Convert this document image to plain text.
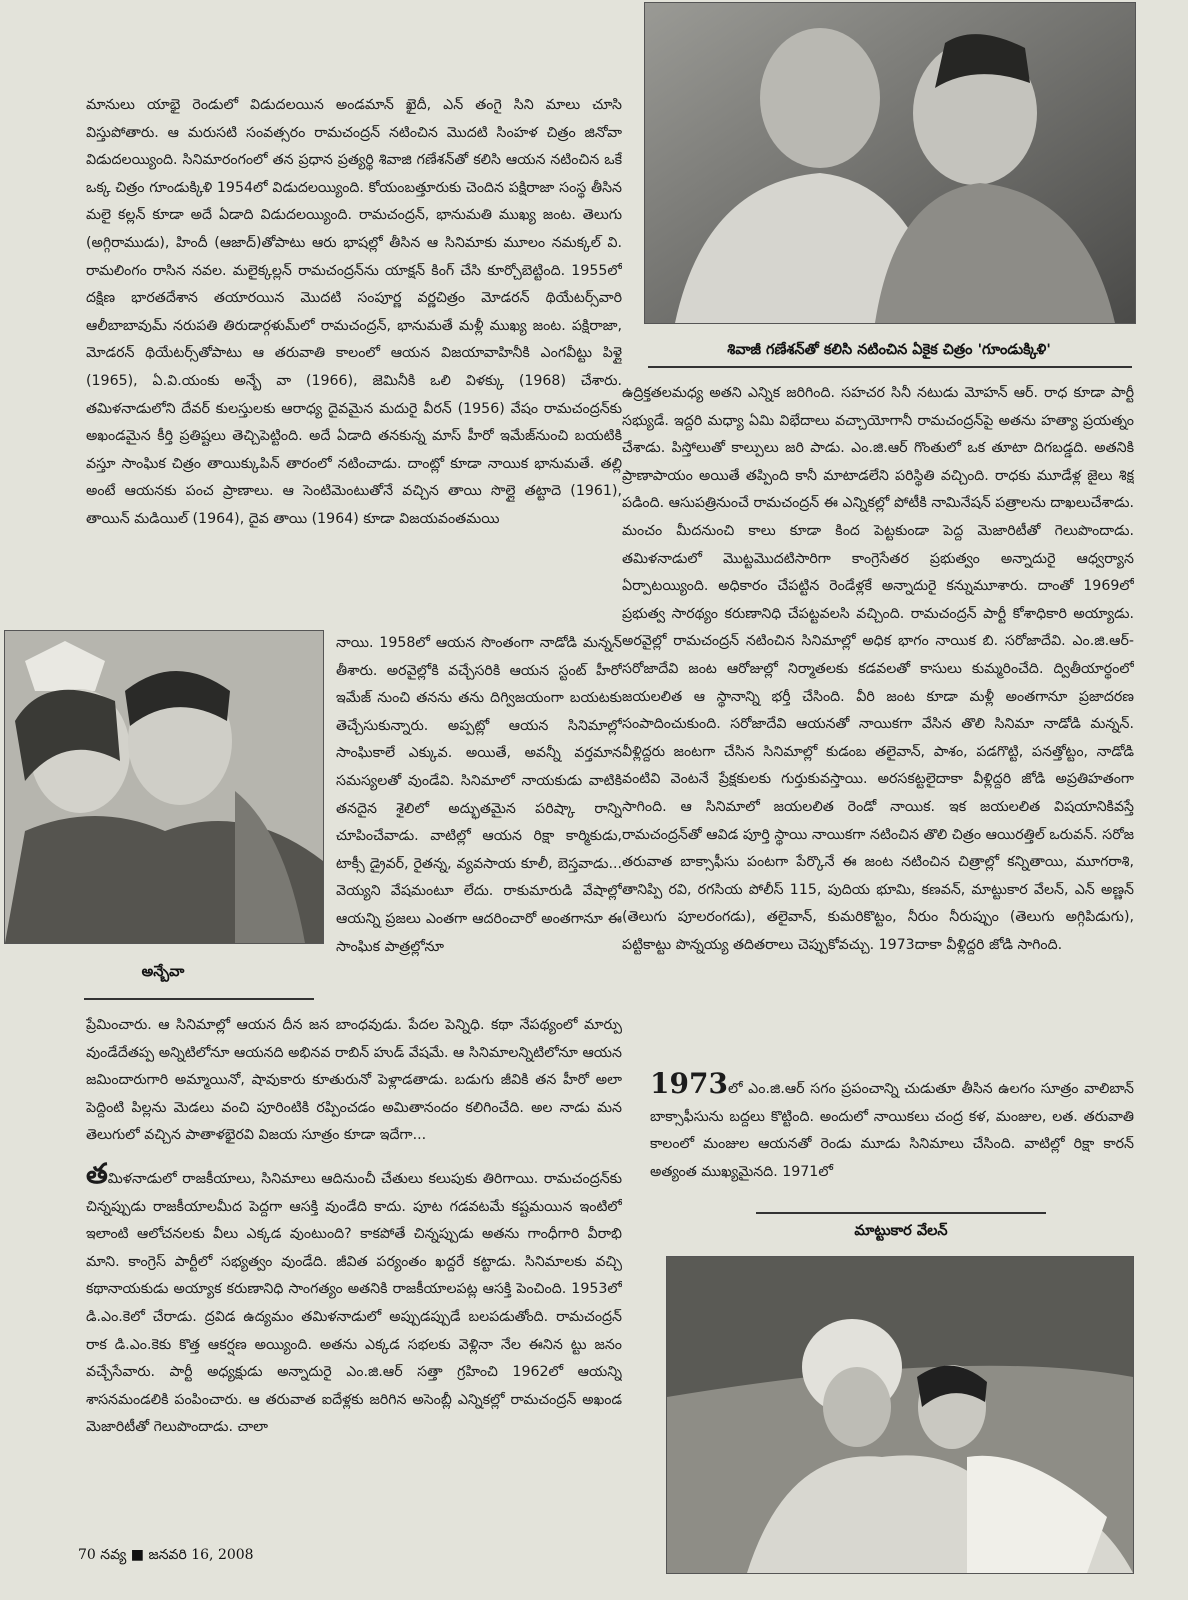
శివాజీ గణేశన్‌తో కలిసి నటించిన ఏకైక చిత్రం 'గూండుక్కిళి'
అన్బేవా
మాట్టుకార వేలన్

మానులు యాభై రెండులో విడుదలయిన అండమాన్ ఖైదీ, ఎన్ తంగై సిని మాలు చూసి విస్తుపోతారు. ఆ మరుసటి సంవత్సరం రామచంద్రన్ నటించిన మొదటి సింహళ చిత్రం జినోవా విడుదలయ్యింది. సినిమారంగంలో తన ప్రధాన ప్రత్యర్థి శివాజి గణేశన్‌తో కలిసి ఆయన నటించిన ఒకే ఒక్క చిత్రం గూండుక్కిళి 1954లో విడుదలయ్యింది. కోయంబత్తూరుకు చెందిన పక్షిరాజా సంస్థ తీసిన మలై కల్లన్ కూడా అదే ఏడాది విడుదలయ్యింది. రామచంద్రన్, భానుమతి ముఖ్య జంట. తెలుగు (అగ్గిరాముడు), హిందీ (ఆజాద్)తోపాటు ఆరు భాషల్లో తీసిన ఆ సినిమాకు మూలం నమక్కల్ వి. రామలింగం రాసిన నవల. మలైక్కల్లన్ రామచంద్రన్‌ను యాక్షన్ కింగ్ చేసి కూర్చోబెట్టింది. 1955లో దక్షిణ భారతదేశాన తయారయిన మొదటి సంపూర్ణ వర్ణచిత్రం మోడరన్ థియేటర్స్‌వారి ఆలీబాబావుమ్ నరుపతి తిరుడార్గళుమ్‌లో రామచంద్రన్, భానుమతే మళ్లీ ముఖ్య జంట. పక్షిరాజా, మోడరన్ థియేటర్స్‌తోపాటు ఆ తరువాతి కాలంలో ఆయన విజయావాహినీకి ఎంగవీట్టు పిళ్లై (1965), ఏ.వి.యంకు అన్బే వా (1966), జెమినీకి ఒలి విళక్కు (1968) చేశారు. తమిళనాడులోని దేవర్ కులస్తులకు ఆరాధ్య దైవమైన మదురై వీరన్ (1956) వేషం రామచంద్రన్‌కు అఖండమైన కీర్తి ప్రతిష్టలు తెచ్చిపెట్టింది. అదే ఏడాది తనకున్న మాస్ హీరో ఇమేజ్‌నుంచి బయటికి వస్తూ సాంఘిక చిత్రం తాయిక్కుపిన్ తారంలో నటించాడు. దాంట్లో కూడా నాయిక భానుమతే. తల్లి అంటే ఆయనకు పంచ ప్రాణాలు. ఆ సెంటిమెంటుతోనే వచ్చిన తాయి సొల్లై తట్టాదె (1961), తాయిన్ మడియిల్ (1964), దైవ తాయి (1964) కూడా విజయవంతమయి

నాయి. 1958లో ఆయన సొంతంగా నాడోడి మన్నన్ తీశారు. అరవైల్లోకి వచ్చేసరికి ఆయన స్టంట్ హీరో ఇమేజ్ నుంచి తనను తను దిగ్విజయంగా బయటకు తెచ్చేసుకున్నారు. అప్పట్లో ఆయన సినిమాల్లో సాంఘికాలే ఎక్కువ. అయితే, అవన్నీ వర్తమాన సమస్యలతో వుండేవి. సినిమాలో నాయకుడు వాటికి తనదైన శైలిలో అద్భుతమైన పరిష్కా రాన్ని చూపించేవాడు. వాటిల్లో ఆయన రిక్షా కార్మికుడు, టాక్సీ డ్రైవర్, రైతన్న, వ్యవసాయ కూలీ, బెస్తవాడు... వెయ్యని వేషమంటూ లేదు. రాకుమారుడి వేషాల్లో ఆయన్ని ప్రజలు ఎంతగా ఆదరించారో అంతగానూ ఈ సాంఘిక పాత్రల్లోనూ

ప్రేమించారు. ఆ సినిమాల్లో ఆయన దీన జన బాంధవుడు. పేదల పెన్నిధి. కథా నేపథ్యంలో మార్పు వుండేదేతప్ప అన్నిటిలోనూ ఆయనది అభినవ రాబిన్ హుడ్ వేషమే. ఆ సినిమాలన్నిటిలోనూ ఆయన జమిందారుగారి అమ్మాయినో, షావుకారు కూతురునో పెళ్లాడతాడు. బడుగు జీవికి తన హీరో అలా పెద్దింటి పిల్లను మెడలు వంచి పూరింటికి రప్పించడం అమితానందం కలిగించేది. అల నాడు మన తెలుగులో వచ్చిన పాతాళభైరవి విజయ సూత్రం కూడా ఇదేగా...

తమిళనాడులో రాజకీయాలు, సినిమాలు ఆదినుంచీ చేతులు కలుపుకు తిరిగాయి. రామచంద్రన్‌కు చిన్నప్పుడు రాజకీయాలమీద పెద్దగా ఆసక్తి వుండేది కాదు. పూట గడవటమే కష్టమయిన ఇంటిలో ఇలాంటి ఆలోచనలకు వీలు ఎక్కడ వుంటుంది? కాకపోతే చిన్నప్పుడు అతను గాంధీగారి వీరాభి మాని. కాంగ్రెస్ పార్టీలో సభ్యత్వం వుండేది. జీవిత పర్యంతం ఖద్దరే కట్టాడు. సినిమాలకు వచ్చి కథానాయకుడు అయ్యాక కరుణానిధి సాంగత్యం అతనికి రాజకీయాలపట్ల ఆసక్తి పెంచింది. 1953లో డి.ఎం.కెలో చేరాడు. ద్రవిడ ఉద్యమం తమిళనాడులో అప్పుడప్పుడే బలపడుతోంది. రామచంద్రన్ రాక డి.ఎం.కెకు కొత్త ఆకర్షణ అయ్యింది. అతను ఎక్కడ సభలకు వెళ్లినా నేల ఈనిన ట్టు జనం వచ్చేసేవారు. పార్టీ అధ్యక్షుడు అన్నాదురై ఎం.జి.ఆర్ సత్తా గ్రహించి 1962లో ఆయన్ని శాసనమండలికి పంపించారు. ఆ తరువాత ఐదేళ్లకు జరిగిన అసెంబ్లీ ఎన్నికల్లో రామచంద్రన్ అఖండ మెజారిటీతో గెలుపొందాడు. చాలా

ఉద్రిక్తతలమధ్య అతని ఎన్నిక జరిగింది. సహచర సినీ నటుడు మోహన్ ఆర్. రాధ కూడా పార్టీ సభ్యుడే. ఇద్దరి మధ్యా ఏమి విభేదాలు వచ్చాయోగానీ రామచంద్రన్‌పై అతను హత్యా ప్రయత్నం చేశాడు. పిస్తోలుతో కాల్పులు జరి పాడు. ఎం.జి.ఆర్ గొంతులో ఒక తూటా దిగబడ్డది. అతనికి ప్రాణాపాయం అయితే తప్పింది కానీ మాటాడలేని పరిస్థితి వచ్చింది. రాధకు మూడేళ్ల జైలు శిక్ష పడింది. ఆసుపత్రినుంచే రామచంద్రన్ ఈ ఎన్నికల్లో పోటీకి నామినేషన్ పత్రాలను దాఖలుచేశాడు. మంచం మీదనుంచి కాలు కూడా కింద పెట్టకుండా పెద్ద మెజారిటీతో గెలుపొందాడు. తమిళనాడులో మొట్టమొదటిసారిగా కాంగ్రెసేతర ప్రభుత్వం అన్నాదురై ఆధ్వర్యాన ఏర్పాటయ్యింది. అధికారం చేపట్టిన రెండేళ్లకే అన్నాదురై కన్నుమూశారు. దాంతో 1969లో ప్రభుత్వ సారథ్యం కరుణానిధి చేపట్టవలసి వచ్చింది. రామచంద్రన్ పార్టీ కోశాధికారి అయ్యాడు. అరవైల్లో రామచంద్రన్ నటించిన సినిమాల్లో అధిక భాగం నాయిక బి. సరోజాదేవి. ఎం.జి.ఆర్-సరోజాదేవి జంట ఆరోజుల్లో నిర్మాతలకు కడవలతో కాసులు కుమ్మరించేది. ద్వితీయార్థంలో జయలలిత ఆ స్థానాన్ని భర్తీ చేసింది. వీరి జంట కూడా మళ్లీ అంతగానూ ప్రజాదరణ సంపాదించుకుంది. సరోజాదేవి ఆయనతో నాయికగా వేసిన తొలి సినిమా నాడోడి మన్నన్. వీళ్లిద్దరు జంటగా చేసిన సినిమాల్లో కుడంబ తలైవాన్, పాశం, పడగొట్టి, పనత్తోట్టం, నాడోడి వంటివి వెంటనే ప్రేక్షకులకు గుర్తుకువస్తాయి. అరసకట్టలైదాకా వీళ్లిద్దరి జోడి అప్రతిహతంగా సాగింది. ఆ సినిమాలో జయలలిత రెండో నాయిక. ఇక జయలలిత విషయానికివస్తే రామచంద్రన్‌తో ఆవిడ పూర్తి స్థాయి నాయికగా నటించిన తొలి చిత్రం ఆయిరత్తిల్ ఒరువన్. సరోజ తరువాత బాక్సాఫీసు పంటగా పేర్కొనే ఈ జంట నటించిన చిత్రాల్లో కన్నితాయి, మూగరాశి, తానిప్పి రవి, రగసియ పోలీస్ 115, పుదియ భూమి, కణవన్, మాట్టుకార వేలన్, ఎన్ అణ్ణన్ (తెలుగు పూలరంగడు), తలైవాన్, కుమరికొట్టం, నీరుం నీరుప్పుం (తెలుగు అగ్గిపిడుగు), పట్టికాట్టు పొన్నయ్య తదితరాలు చెప్పుకోవచ్చు. 1973దాకా వీళ్లిద్దరి జోడి సాగింది.

1973లో ఎం.జి.ఆర్ సగం ప్రపంచాన్ని చుడుతూ తీసిన ఉలగం సూత్రం వాలిబాన్ బాక్సాఫీసును బద్దలు కొట్టింది. అందులో నాయికలు చంద్ర కళ, మంజుల, లత. తరువాతి కాలంలో మంజుల ఆయనతో రెండు మూడు సినిమాలు చేసింది. వాటిల్లో రిక్షా కారన్ అత్యంత ముఖ్యమైనది. 1971లో

70 నవ్య ■ జనవరి 16, 2008
